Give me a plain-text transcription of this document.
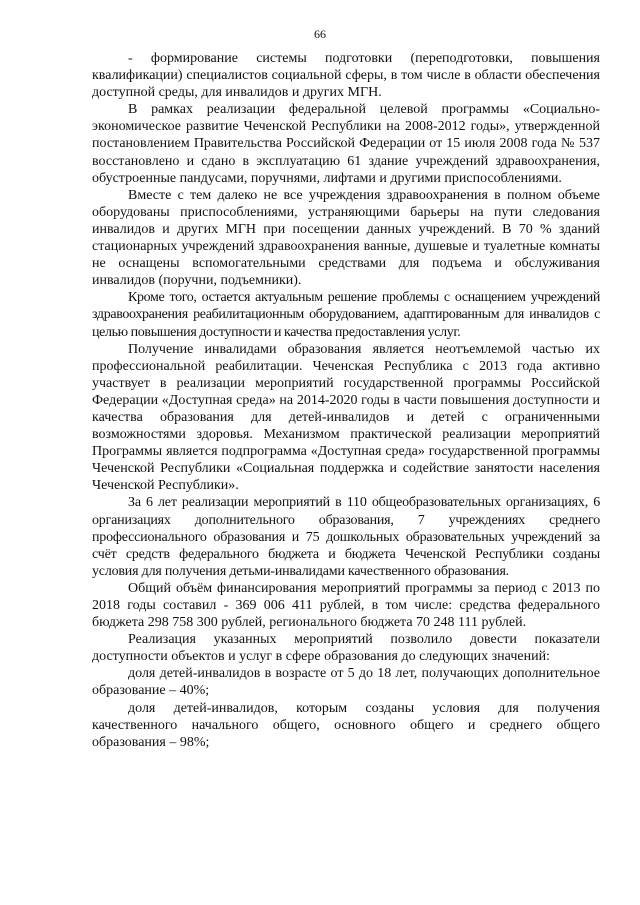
66

- формирование системы подготовки (переподготовки, повышения квалификации) специалистов социальной сферы, в том числе в области обеспечения доступной среды, для инвалидов и других МГН.

В рамках реализации федеральной целевой программы «Социально-экономическое развитие Чеченской Республики на 2008-2012 годы», утвержденной постановлением Правительства Российской Федерации от 15 июля 2008 года № 537 восстановлено и сдано в эксплуатацию 61 здание учреждений здравоохранения, обустроенные пандусами, поручнями, лифтами и другими приспособлениями.

Вместе с тем далеко не все учреждения здравоохранения в полном объеме оборудованы приспособлениями, устраняющими барьеры на пути следования инвалидов и других МГН при посещении данных учреждений. В 70 % зданий стационарных учреждений здравоохранения ванные, душевые и туалетные комнаты не оснащены вспомогательными средствами для подъема и обслуживания инвалидов (поручни, подъемники).

Кроме того, остается актуальным решение проблемы с оснащением учреждений здравоохранения реабилитационным оборудованием, адаптированным для инвалидов с целью повышения доступности и качества предоставления услуг.

Получение инвалидами образования является неотъемлемой частью их профессиональной реабилитации. Чеченская Республика с 2013 года активно участвует в реализации мероприятий государственной программы Российской Федерации «Доступная среда» на 2014-2020 годы в части повышения доступности и качества образования для детей-инвалидов и детей с ограниченными возможностями здоровья. Механизмом практической реализации мероприятий Программы является подпрограмма «Доступная среда» государственной программы Чеченской Республики «Социальная поддержка и содействие занятости населения Чеченской Республики».

За 6 лет реализации мероприятий в 110 общеобразовательных организациях, 6 организациях дополнительного образования, 7 учреждениях среднего профессионального образования и 75 дошкольных образовательных учреждений за счёт средств федерального бюджета и бюджета Чеченской Республики созданы условия для получения детьми-инвалидами качественного образования.

Общий объём финансирования мероприятий программы за период с 2013 по 2018 годы составил - 369 006 411 рублей, в том числе: средства федерального бюджета 298 758 300 рублей, регионального бюджета 70 248 111 рублей.

Реализация указанных мероприятий позволило довести показатели доступности объектов и услуг в сфере образования до следующих значений:

доля детей-инвалидов в возрасте от 5 до 18 лет, получающих дополнительное образование – 40%;

доля детей-инвалидов, которым созданы условия для получения качественного начального общего, основного общего и среднего общего образования – 98%;
